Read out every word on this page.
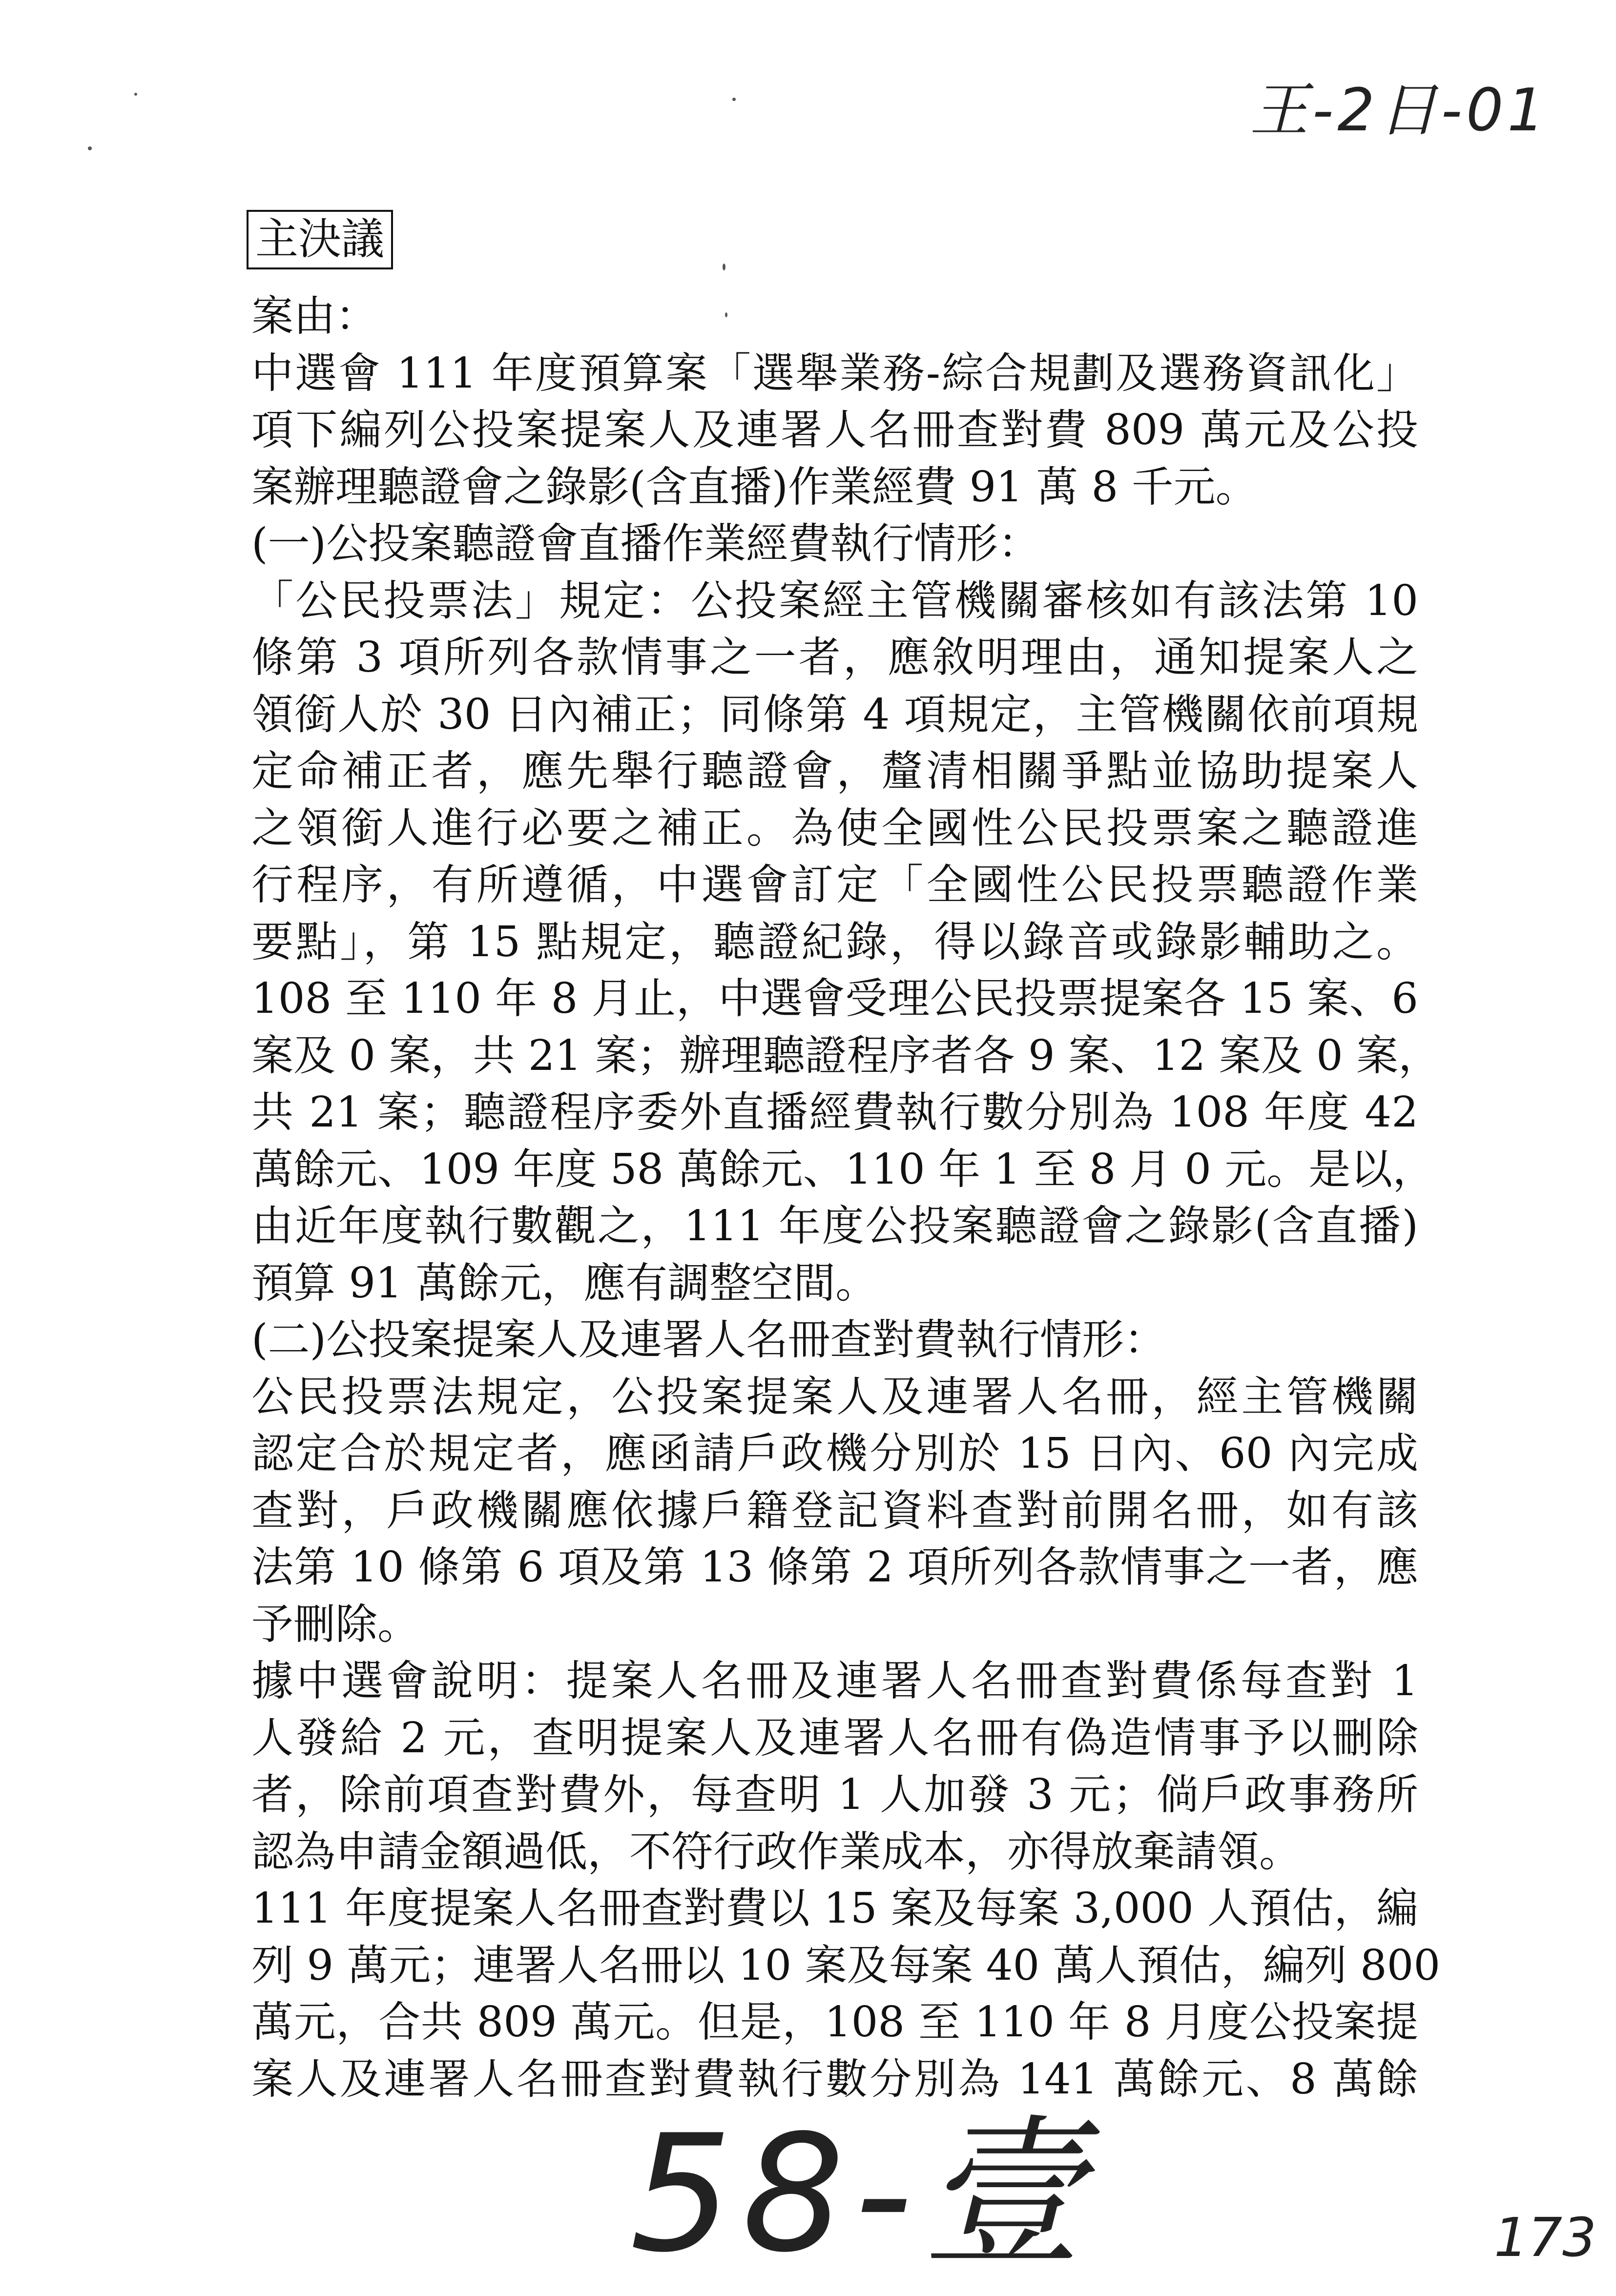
王-2日-01
主決議
案由：
中選會 111 年度預算案「選舉業務-綜合規劃及選務資訊化」
項下編列公投案提案人及連署人名冊查對費 809 萬元及公投
案辦理聽證會之錄影(含直播)作業經費 91 萬 8 千元。
(一)公投案聽證會直播作業經費執行情形：
「公民投票法」規定：公投案經主管機關審核如有該法第 10
條第 3 項所列各款情事之一者，應敘明理由，通知提案人之
領銜人於 30 日內補正；同條第 4 項規定，主管機關依前項規
定命補正者，應先舉行聽證會，釐清相關爭點並協助提案人
之領銜人進行必要之補正。為使全國性公民投票案之聽證進
行程序，有所遵循，中選會訂定「全國性公民投票聽證作業
要點」，第 15 點規定，聽證紀錄，得以錄音或錄影輔助之。
108 至 110 年 8 月止，中選會受理公民投票提案各 15 案、6
案及 0 案，共 21 案；辦理聽證程序者各 9 案、12 案及 0 案，
共 21 案；聽證程序委外直播經費執行數分別為 108 年度 42
萬餘元、109 年度 58 萬餘元、110 年 1 至 8 月 0 元。是以，
由近年度執行數觀之，111 年度公投案聽證會之錄影(含直播)
預算 91 萬餘元，應有調整空間。
(二)公投案提案人及連署人名冊查對費執行情形：
公民投票法規定，公投案提案人及連署人名冊，經主管機關
認定合於規定者，應函請戶政機分別於 15 日內、60 內完成
查對，戶政機關應依據戶籍登記資料查對前開名冊，如有該
法第 10 條第 6 項及第 13 條第 2 項所列各款情事之一者，應
予刪除。
據中選會說明：提案人名冊及連署人名冊查對費係每查對 1
人發給 2 元，查明提案人及連署人名冊有偽造情事予以刪除
者，除前項查對費外，每查明 1 人加發 3 元；倘戶政事務所
認為申請金額過低，不符行政作業成本，亦得放棄請領。
111 年度提案人名冊查對費以 15 案及每案 3,000 人預估，編
列 9 萬元；連署人名冊以 10 案及每案 40 萬人預估，編列 800
萬元，合共 809 萬元。但是，108 至 110 年 8 月度公投案提
案人及連署人名冊查對費執行數分別為 141 萬餘元、8 萬餘
58-壹	173
